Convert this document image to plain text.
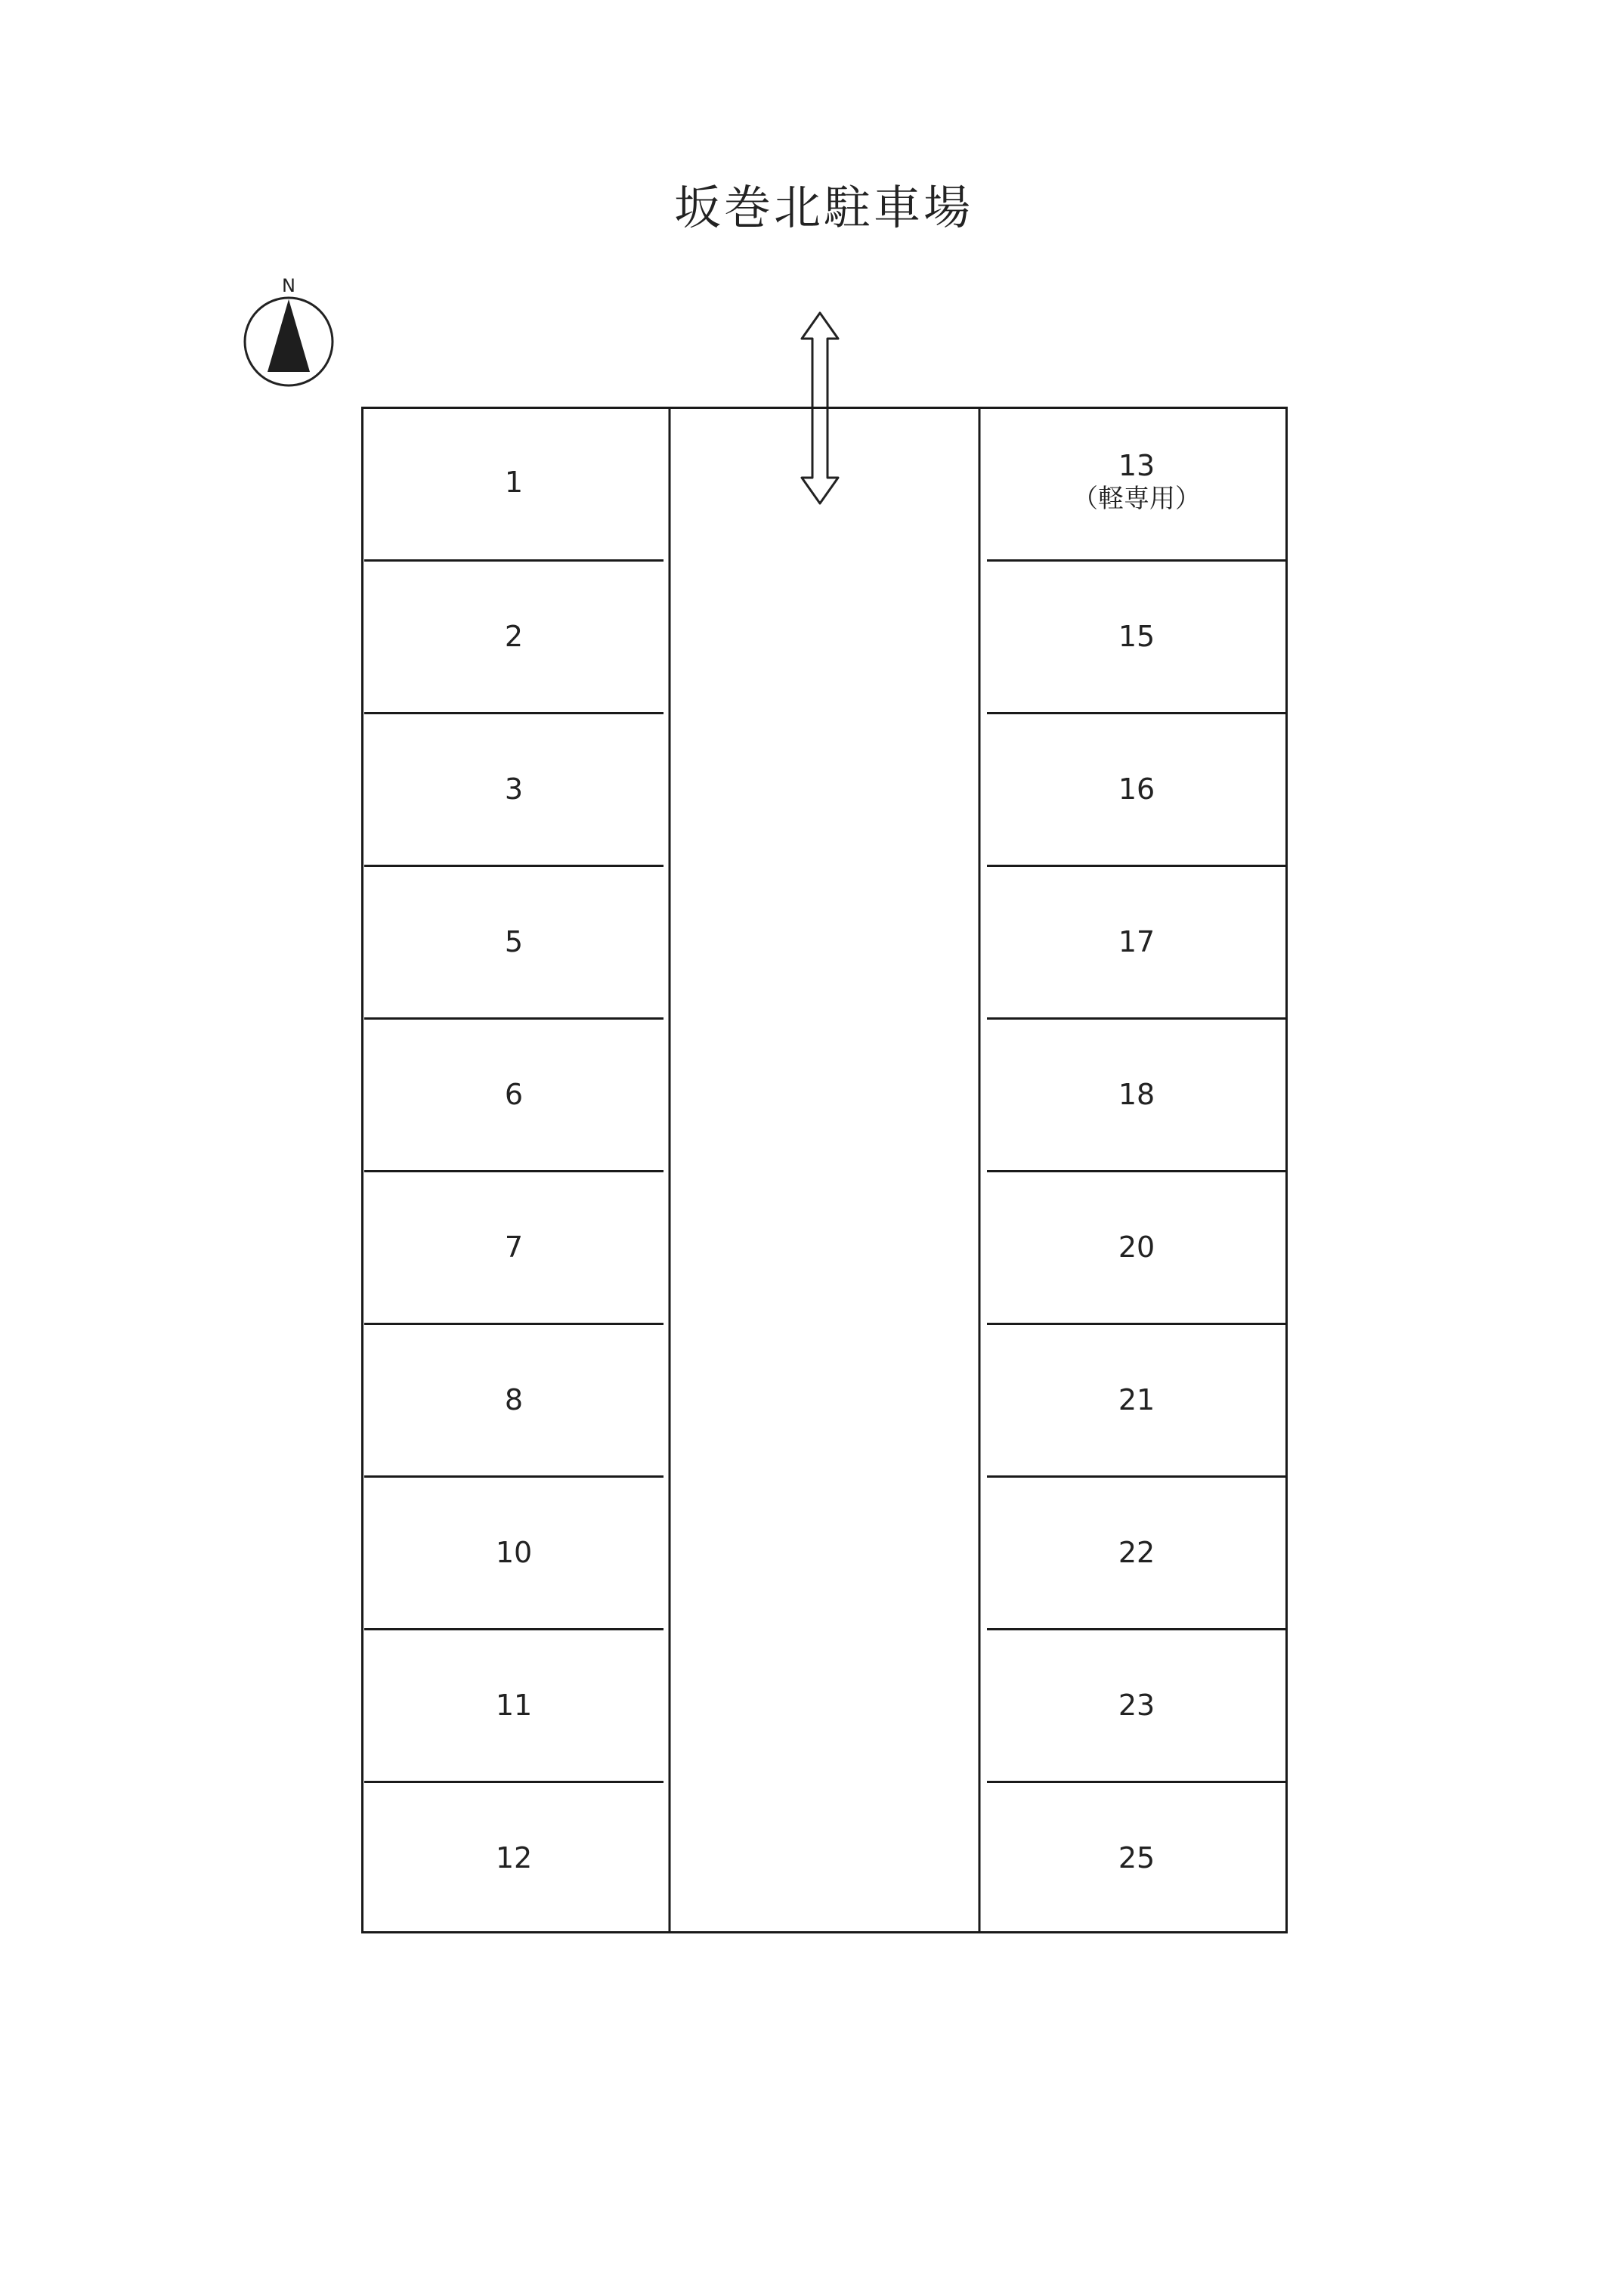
坂巻北駐車場
N
1
2
3
5
6
7
8
10
11
12
13
（軽専用）
15
16
17
18
20
21
22
23
25
